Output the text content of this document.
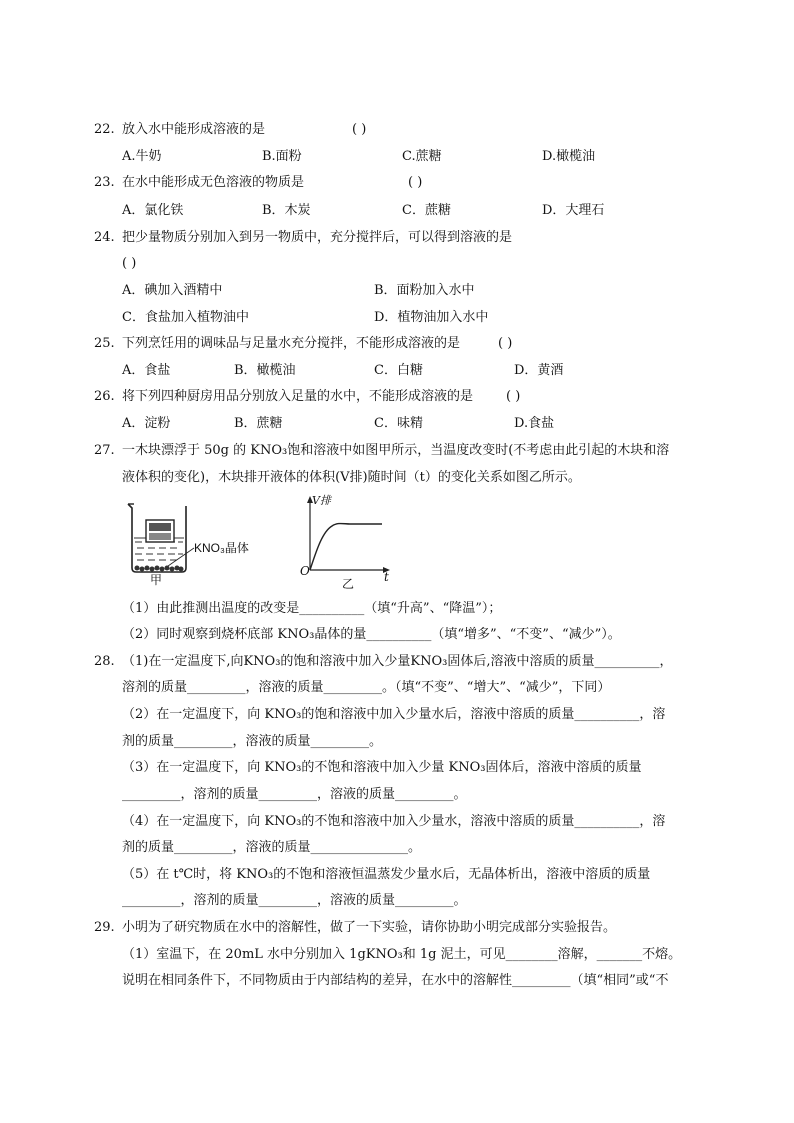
22. 放入水中能形成溶液的是	( )
A.牛奶	B.面粉	C.蔗糖	D.橄榄油
23. 在水中能形成无色溶液的物质是	( )
A．氯化铁	B．木炭	C．蔗糖	D．大理石
24. 把少量物质分别加入到另一物质中，充分搅拌后，可以得到溶液的是
( )
A．碘加入酒精中	B．面粉加入水中
C．食盐加入植物油中	D．植物油加入水中
25. 下列烹饪用的调味品与足量水充分搅拌，不能形成溶液的是	( )
A．食盐	B．橄榄油	C．白糖	D．黄酒
26. 将下列四种厨房用品分别放入足量的水中，不能形成溶液的是	( )
A．淀粉	B．蔗糖	C．味精	D.食盐
27. 一木块漂浮于 50g 的 KNO₃饱和溶液中如图甲所示，当温度改变时(不考虑由此引起的木块和溶
液体积的变化)，木块排开液体的体积(V排)随时间（t）的变化关系如图乙所示。
KNO₃晶体
甲
V排
O	t
乙
（1）由此推测出温度的改变是__________（填“升高”、“降温”）；
（2）同时观察到烧杯底部 KNO₃晶体的量__________（填“增多”、“不变”、“减少”）。
28. （1)在一定温度下,向KNO₃的饱和溶液中加入少量KNO₃固体后,溶液中溶质的质量__________，
溶剂的质量_________，溶液的质量_________。（填“不变”、“增大”、“减少”，下同）
（2）在一定温度下，向 KNO₃的饱和溶液中加入少量水后，溶液中溶质的质量__________，溶
剂的质量_________，溶液的质量_________。
（3）在一定温度下，向 KNO₃的不饱和溶液中加入少量 KNO₃固体后，溶液中溶质的质量
_________，溶剂的质量_________，溶液的质量_________。
（4）在一定温度下，向 KNO₃的不饱和溶液中加入少量水，溶液中溶质的质量__________，溶
剂的质量_________，溶液的质量_______________。
（5）在 t℃时，将 KNO₃的不饱和溶液恒温蒸发少量水后，无晶体析出，溶液中溶质的质量
_________，溶剂的质量_________，溶液的质量_________。
29. 小明为了研究物质在水中的溶解性，做了一下实验，请你协助小明完成部分实验报告。
（1）室温下，在 20mL 水中分别加入 1gKNO₃和 1g 泥土，可见________溶解，_______不熔。
说明在相同条件下，不同物质由于内部结构的差异，在水中的溶解性_________（填“相同”或“不
